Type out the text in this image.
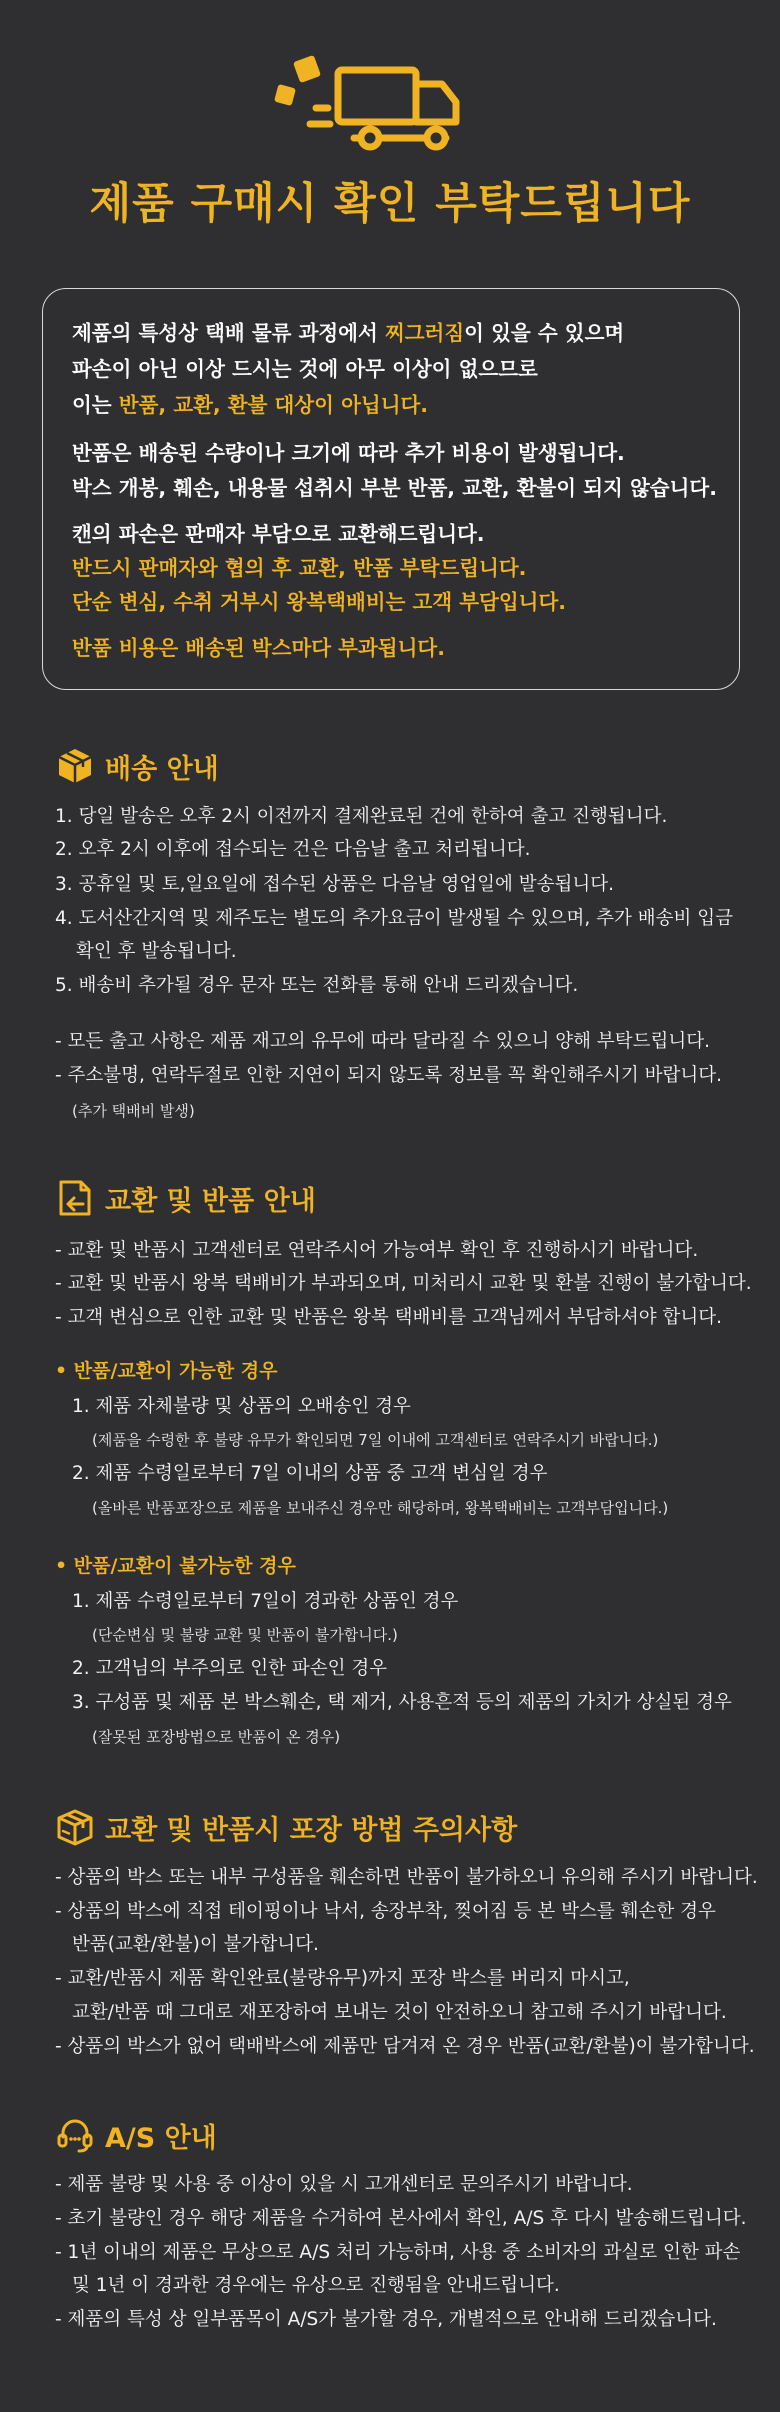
제품 구매시 확인 부탁드립니다
제품의 특성상 택배 물류 과정에서 찌그러짐이 있을 수 있으며
파손이 아닌 이상 드시는 것에 아무 이상이 없으므로
이는 반품, 교환, 환불 대상이 아닙니다.
반품은 배송된 수량이나 크기에 따라 추가 비용이 발생됩니다.
박스 개봉, 훼손, 내용물 섭취시 부분 반품, 교환, 환불이 되지 않습니다.
캔의 파손은 판매자 부담으로 교환해드립니다.
반드시 판매자와 협의 후 교환, 반품 부탁드립니다.
단순 변심, 수취 거부시 왕복택배비는 고객 부담입니다.
반품 비용은 배송된 박스마다 부과됩니다.
배송 안내
1. 당일 발송은 오후 2시 이전까지 결제완료된 건에 한하여 출고 진행됩니다.
2. 오후 2시 이후에 접수되는 건은 다음날 출고 처리됩니다.
3. 공휴일 및 토,일요일에 접수된 상품은 다음날 영업일에 발송됩니다.
4. 도서산간지역 및 제주도는 별도의 추가요금이 발생될 수 있으며, 추가 배송비 입금
확인 후 발송됩니다.
5. 배송비 추가될 경우 문자 또는 전화를 통해 안내 드리겠습니다.
- 모든 출고 사항은 제품 재고의 유무에 따라 달라질 수 있으니 양해 부탁드립니다.
- 주소불명, 연락두절로 인한 지연이 되지 않도록 정보를 꼭 확인해주시기 바랍니다.
(추가 택배비 발생)
교환 및 반품 안내
- 교환 및 반품시 고객센터로 연락주시어 가능여부 확인 후 진행하시기 바랍니다.
- 교환 및 반품시 왕복 택배비가 부과되오며, 미처리시 교환 및 환불 진행이 불가합니다.
- 고객 변심으로 인한 교환 및 반품은 왕복 택배비를 고객님께서 부담하셔야 합니다.
• 반품/교환이 가능한 경우
1. 제품 자체불량 및 상품의 오배송인 경우
(제품을 수령한 후 불량 유무가 확인되면 7일 이내에 고객센터로 연락주시기 바랍니다.)
2. 제품 수령일로부터 7일 이내의 상품 중 고객 변심일 경우
(올바른 반품포장으로 제품을 보내주신 경우만 해당하며, 왕복택배비는 고객부담입니다.)
• 반품/교환이 불가능한 경우
1. 제품 수령일로부터 7일이 경과한 상품인 경우
(단순변심 및 불량 교환 및 반품이 불가합니다.)
2. 고객님의 부주의로 인한 파손인 경우
3. 구성품 및 제품 본 박스훼손, 택 제거, 사용흔적 등의 제품의 가치가 상실된 경우
(잘못된 포장방법으로 반품이 온 경우)
교환 및 반품시 포장 방법 주의사항
- 상품의 박스 또는 내부 구성품을 훼손하면 반품이 불가하오니 유의해 주시기 바랍니다.
- 상품의 박스에 직접 테이핑이나 낙서, 송장부착, 찢어짐 등 본 박스를 훼손한 경우
반품(교환/환불)이 불가합니다.
- 교환/반품시 제품 확인완료(불량유무)까지 포장 박스를 버리지 마시고,
교환/반품 때 그대로 재포장하여 보내는 것이 안전하오니 참고해 주시기 바랍니다.
- 상품의 박스가 없어 택배박스에 제품만 담겨져 온 경우 반품(교환/환불)이 불가합니다.
A/S 안내
- 제품 불량 및 사용 중 이상이 있을 시 고개센터로 문의주시기 바랍니다.
- 초기 불량인 경우 해당 제품을 수거하여 본사에서 확인, A/S 후 다시 발송해드립니다.
- 1년 이내의 제품은 무상으로 A/S 처리 가능하며, 사용 중 소비자의 과실로 인한 파손
및 1년 이 경과한 경우에는 유상으로 진행됨을 안내드립니다.
- 제품의 특성 상 일부품목이 A/S가 불가할 경우, 개별적으로 안내해 드리겠습니다.
